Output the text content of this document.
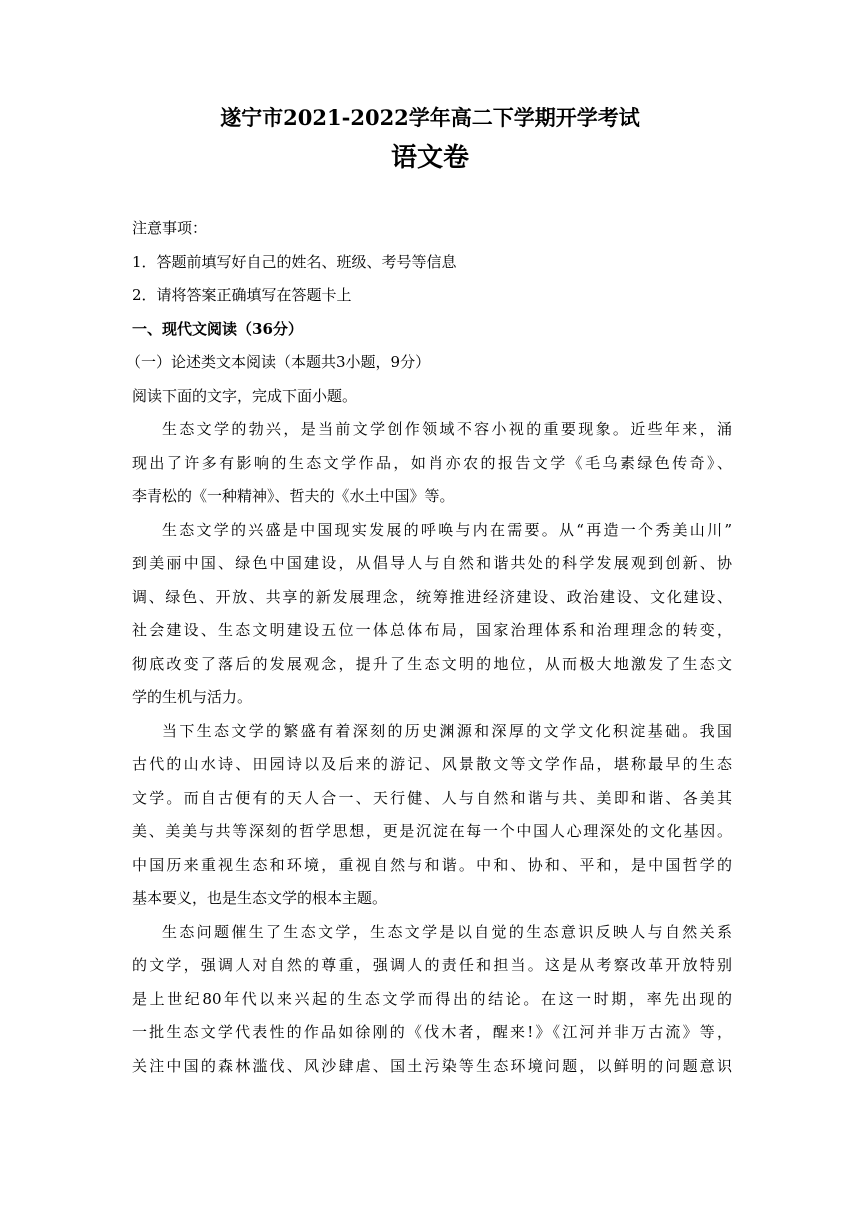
遂宁市2021-2022学年高二下学期开学考试
语文卷
注意事项：
1．答题前填写好自己的姓名、班级、考号等信息
2．请将答案正确填写在答题卡上
一、现代文阅读（36分）
（一）论述类文本阅读（本题共3小题，9分）
阅读下面的文字，完成下面小题。
生态文学的勃兴，是当前文学创作领域不容小视的重要现象。近些年来，涌
现出了许多有影响的生态文学作品，如肖亦农的报告文学《毛乌素绿色传奇》、
李青松的《一种精神》、哲夫的《水土中国》等。
生态文学的兴盛是中国现实发展的呼唤与内在需要。从“再造一个秀美山川”
到美丽中国、绿色中国建设，从倡导人与自然和谐共处的科学发展观到创新、协
调、绿色、开放、共享的新发展理念，统筹推进经济建设、政治建设、文化建设、
社会建设、生态文明建设五位一体总体布局，国家治理体系和治理理念的转变，
彻底改变了落后的发展观念，提升了生态文明的地位，从而极大地激发了生态文
学的生机与活力。
当下生态文学的繁盛有着深刻的历史渊源和深厚的文学文化积淀基础。我国
古代的山水诗、田园诗以及后来的游记、风景散文等文学作品，堪称最早的生态
文学。而自古便有的天人合一、天行健、人与自然和谐与共、美即和谐、各美其
美、美美与共等深刻的哲学思想，更是沉淀在每一个中国人心理深处的文化基因。
中国历来重视生态和环境，重视自然与和谐。中和、协和、平和，是中国哲学的
基本要义，也是生态文学的根本主题。
生态问题催生了生态文学，生态文学是以自觉的生态意识反映人与自然关系
的文学，强调人对自然的尊重，强调人的责任和担当。这是从考察改革开放特别
是上世纪80年代以来兴起的生态文学而得出的结论。在这一时期，率先出现的
一批生态文学代表性的作品如徐刚的《伐木者，醒来!》《江河并非万古流》等，
关注中国的森林滥伐、风沙肆虐、国土污染等生态环境问题，以鲜明的问题意识
